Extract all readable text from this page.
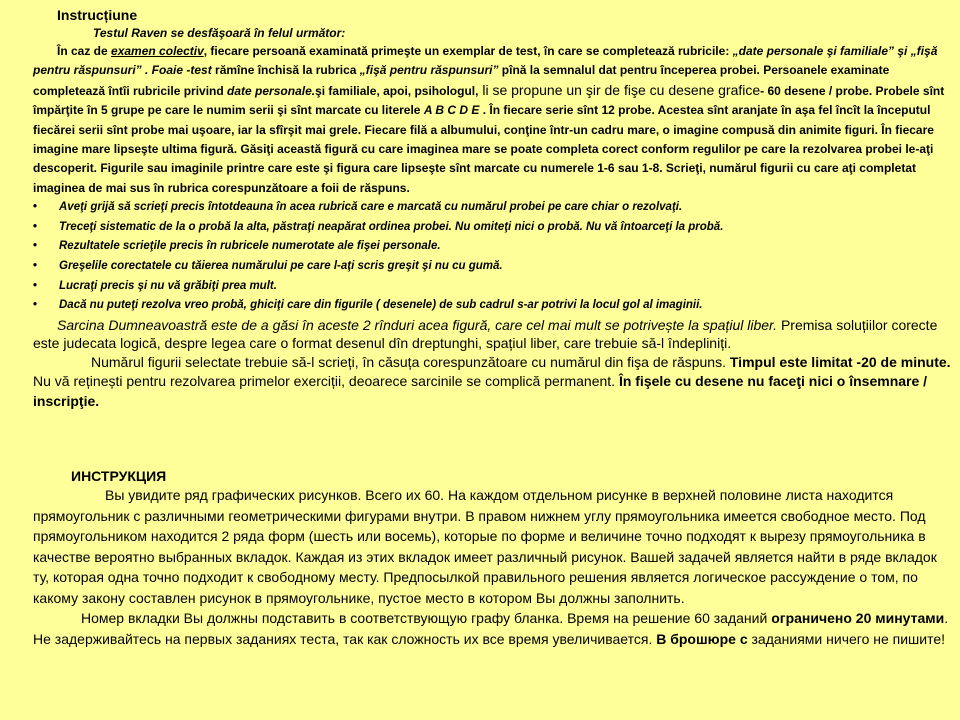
Instrucțiune

Testul Raven se desfăşoară în felul următor:

În caz de examen colectiv, fiecare persoană examinată primeşte un exemplar de test, în care se completează rubricile: „date personale şi familiale” şi „fişă pentru răspunsuri” . Foaie -test rămîne închisă la rubrica „fişă pentru răspunsuri” pînă la semnalul dat pentru începerea probei. Persoanele examinate completează întîi rubricile privind date personale.şi familiale, apoi, psihologul, li se propune un şir de fişe cu desene grafice- 60 desene / probe. Probele sînt împărţite în 5 grupe pe care le numim serii şi sînt marcate cu literele A B C D E . În fiecare serie sînt 12 probe. Acestea sînt aranjate în aşa fel încît la începutul fiecărei serii sînt probe mai uşoare, iar la sfîrşit mai grele. Fiecare filă a albumului, conţine într-un cadru mare, o imagine compusă din animite figuri. În fiecare imagine mare lipseşte ultima figură. Găsiţi această figură cu care imaginea mare se poate completa corect conform regulilor pe care la rezolvarea probei le-aţi descoperit. Figurile sau imaginile printre care este şi figura care lipseşte sînt marcate cu numerele 1-6 sau 1-8. Scrieţi, numărul figurii cu care aţi completat imaginea de mai sus în rubrica corespunzătoare a foii de răspuns.

• Aveţi grijă să scrieţi precis întotdeauna în acea rubrică care e marcată cu numărul probei pe care chiar o rezolvaţi.
• Treceţi sistematic de la o probă la alta, păstraţi neapărat ordinea probei. Nu omiteţi nici o probă. Nu vă întoarceţi la probă.
• Rezultatele scrieţile precis în rubricele numerotate ale fişei personale.
• Greşelile corectatele cu tăierea numărului pe care l-aţi scris greşit şi nu cu gumă.
• Lucraţi precis şi nu vă grăbiţi prea mult.
• Dacă nu puteţi rezolva vreo probă, ghiciţi care din figurile ( desenele) de sub cadrul s-ar potrivi la locul gol al imaginii.

Sarcina Dumneavoastră este de a găsi în aceste 2 rînduri acea figură, care cel mai mult se potrivește la spațiul liber. Premisa soluțiilor corecte este judecata logică, despre legea care o format desenul dîn dreptunghi, spațiul liber, care trebuie să-l îndepliniți.

Numărul figurii selectate trebuie să-l scrieți, în căsuța corespunzătoare cu numărul din fişa de răspuns. Timpul este limitat -20 de minute. Nu vă reținești pentru rezolvarea primelor exerciții, deoarece sarcinile se complică permanent. În fişele cu desene nu faceţi nici o însemnare / inscripţie.

ИНСТРУКЦИЯ

Вы увидите ряд графических рисунков. Всего их 60. На каждом отдельном рисунке в верхней половине листа находится прямоугольник с различными геометрическими фигурами внутри. В правом нижнем углу прямоугольника имеется свободное место. Под прямоугольником находится 2 ряда форм (шесть или восемь), которые по форме и величине точно подходят к вырезу прямоугольника в качестве вероятно выбранных вкладок. Каждая из этих вкладок имеет различный рисунок. Вашей задачей является найти в ряде вкладок ту, которая одна точно подходит к свободному месту. Предпосылкой правильного решения является логическое рассуждение о том, по какому закону составлен рисунок в прямоугольнике, пустое место в котором Вы должны заполнить.

Номер вкладки Вы должны подставить в соответствующую графу бланка. Время на решение 60 заданий ограничено 20 минутами. Не задерживайтесь на первых заданиях теста, так как сложность их все время увеличивается. В брошюре с заданиями ничего не пишите!
